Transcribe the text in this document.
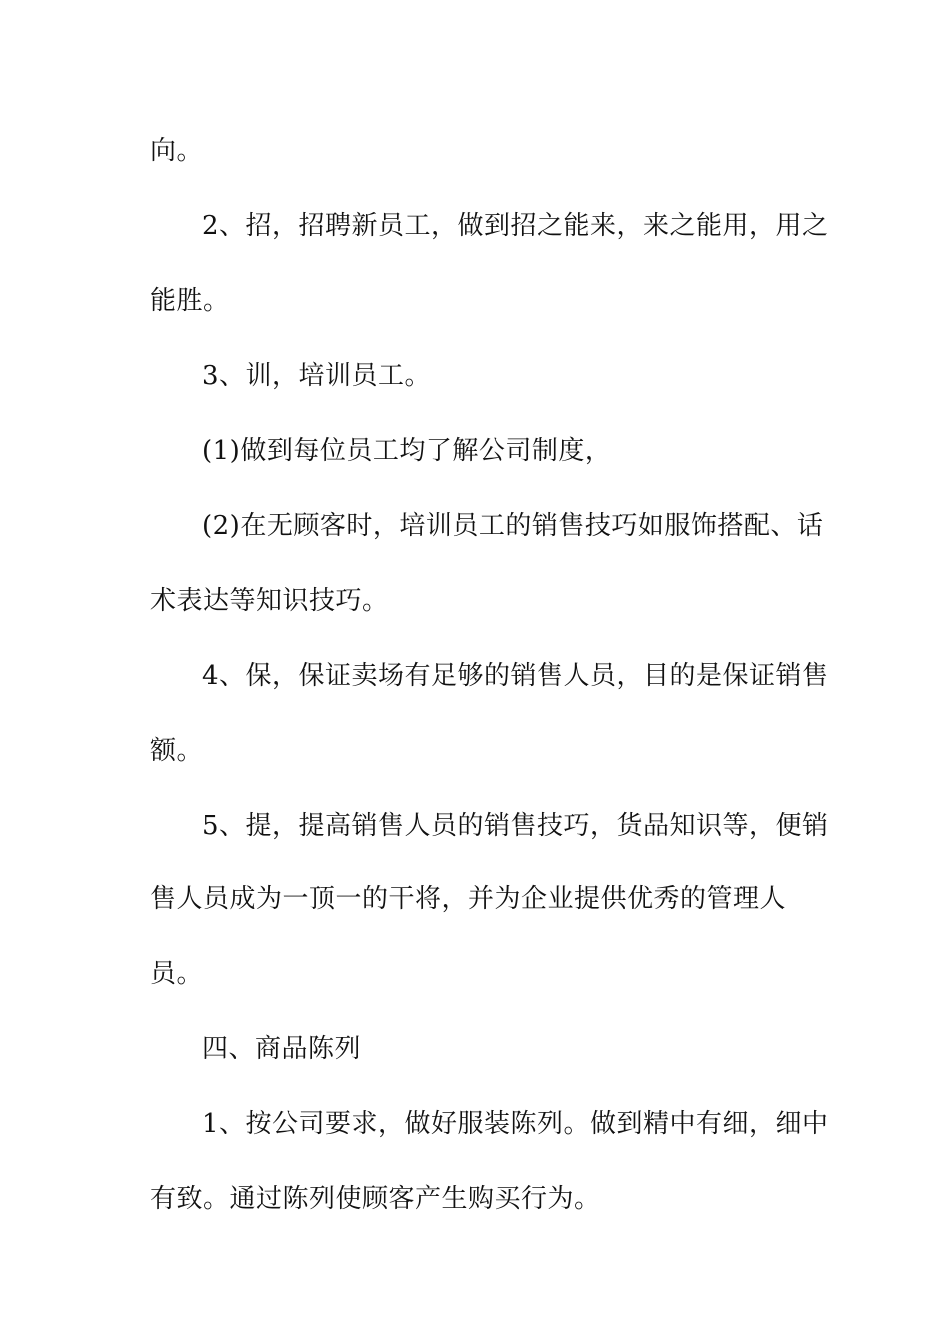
向。
2、招，招聘新员工，做到招之能来，来之能用，用之
能胜。
3、训，培训员工。
(1)做到每位员工均了解公司制度，
(2)在无顾客时，培训员工的销售技巧如服饰搭配、话
术表达等知识技巧。
4、保，保证卖场有足够的销售人员，目的是保证销售
额。
5、提，提高销售人员的销售技巧，货品知识等，便销
售人员成为一顶一的干将，并为企业提供优秀的管理人
员。
四、商品陈列
1、按公司要求，做好服装陈列。做到精中有细，细中
有致。通过陈列使顾客产生购买行为。
